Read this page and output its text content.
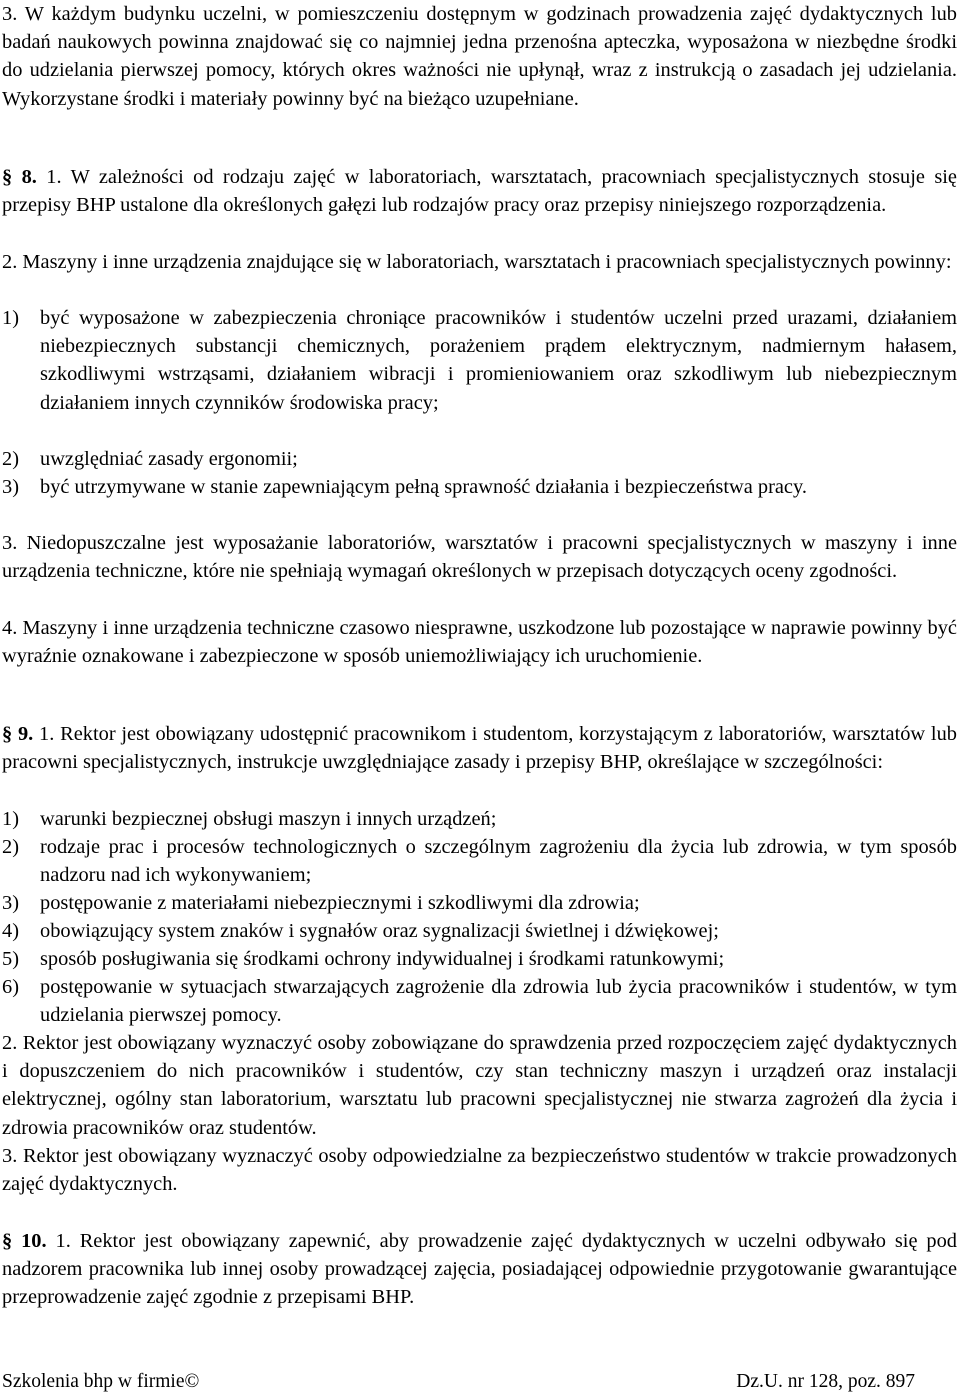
3. W każdym budynku uczelni, w pomieszczeniu dostępnym w godzinach prowadzenia zajęć dydaktycznych lub badań naukowych powinna znajdować się co najmniej jedna przenośna apteczka, wyposażona w niezbędne środki do udzielania pierwszej pomocy, których okres ważności nie upłynął, wraz z instrukcją o zasadach jej udzielania. Wykorzystane środki i materiały powinny być na bieżąco uzupełniane.

§ 8. 1. W zależności od rodzaju zajęć w laboratoriach, warsztatach, pracowniach specjalistycznych stosuje się przepisy BHP ustalone dla określonych gałęzi lub rodzajów pracy oraz przepisy niniejszego rozporządzenia.

2. Maszyny i inne urządzenia znajdujące się w laboratoriach, warsztatach i pracowniach specjalistycznych powinny:

1)	być wyposażone w zabezpieczenia chroniące pracowników i studentów uczelni przed urazami, działaniem niebezpiecznych substancji chemicznych, porażeniem prądem elektrycznym, nadmiernym hałasem, szkodliwymi wstrząsami, działaniem wibracji i promieniowaniem oraz szkodliwym lub niebezpiecznym działaniem innych czynników środowiska pracy;
2)	uwzględniać zasady ergonomii;
3)	być utrzymywane w stanie zapewniającym pełną sprawność działania i bezpieczeństwa pracy.

3. Niedopuszczalne jest wyposażanie laboratoriów, warsztatów i pracowni specjalistycznych w maszyny i inne urządzenia techniczne, które nie spełniają wymagań określonych w przepisach dotyczących oceny zgodności.

4. Maszyny i inne urządzenia techniczne czasowo niesprawne, uszkodzone lub pozostające w naprawie powinny być wyraźnie oznakowane i zabezpieczone w sposób uniemożliwiający ich uruchomienie.

§ 9. 1. Rektor jest obowiązany udostępnić pracownikom i studentom, korzystającym z laboratoriów, warsztatów lub pracowni specjalistycznych, instrukcje uwzględniające zasady i przepisy BHP, określające w szczególności:

1)	warunki bezpiecznej obsługi maszyn i innych urządzeń;
2)	rodzaje prac i procesów technologicznych o szczególnym zagrożeniu dla życia lub zdrowia, w tym sposób nadzoru nad ich wykonywaniem;
3)	postępowanie z materiałami niebezpiecznymi i szkodliwymi dla zdrowia;
4)	obowiązujący system znaków i sygnałów oraz sygnalizacji świetlnej i dźwiękowej;
5)	sposób posługiwania się środkami ochrony indywidualnej i środkami ratunkowymi;
6)	postępowanie w sytuacjach stwarzających zagrożenie dla zdrowia lub życia pracowników i studentów, w tym udzielania pierwszej pomocy.

2. Rektor jest obowiązany wyznaczyć osoby zobowiązane do sprawdzenia przed rozpoczęciem zajęć dydaktycznych i dopuszczeniem do nich pracowników i studentów, czy stan techniczny maszyn i urządzeń oraz instalacji elektrycznej, ogólny stan laboratorium, warsztatu lub pracowni specjalistycznej nie stwarza zagrożeń dla życia i zdrowia pracowników oraz studentów.

3. Rektor jest obowiązany wyznaczyć osoby odpowiedzialne za bezpieczeństwo studentów w trakcie prowadzonych zajęć dydaktycznych.

§ 10. 1. Rektor jest obowiązany zapewnić, aby prowadzenie zajęć dydaktycznych w uczelni odbywało się pod nadzorem pracownika lub innej osoby prowadzącej zajęcia, posiadającej odpowiednie przygotowanie gwarantujące przeprowadzenie zajęć zgodnie z przepisami BHP.

Szkolenia bhp w firmie©	Dz.U. nr 128, poz. 897
